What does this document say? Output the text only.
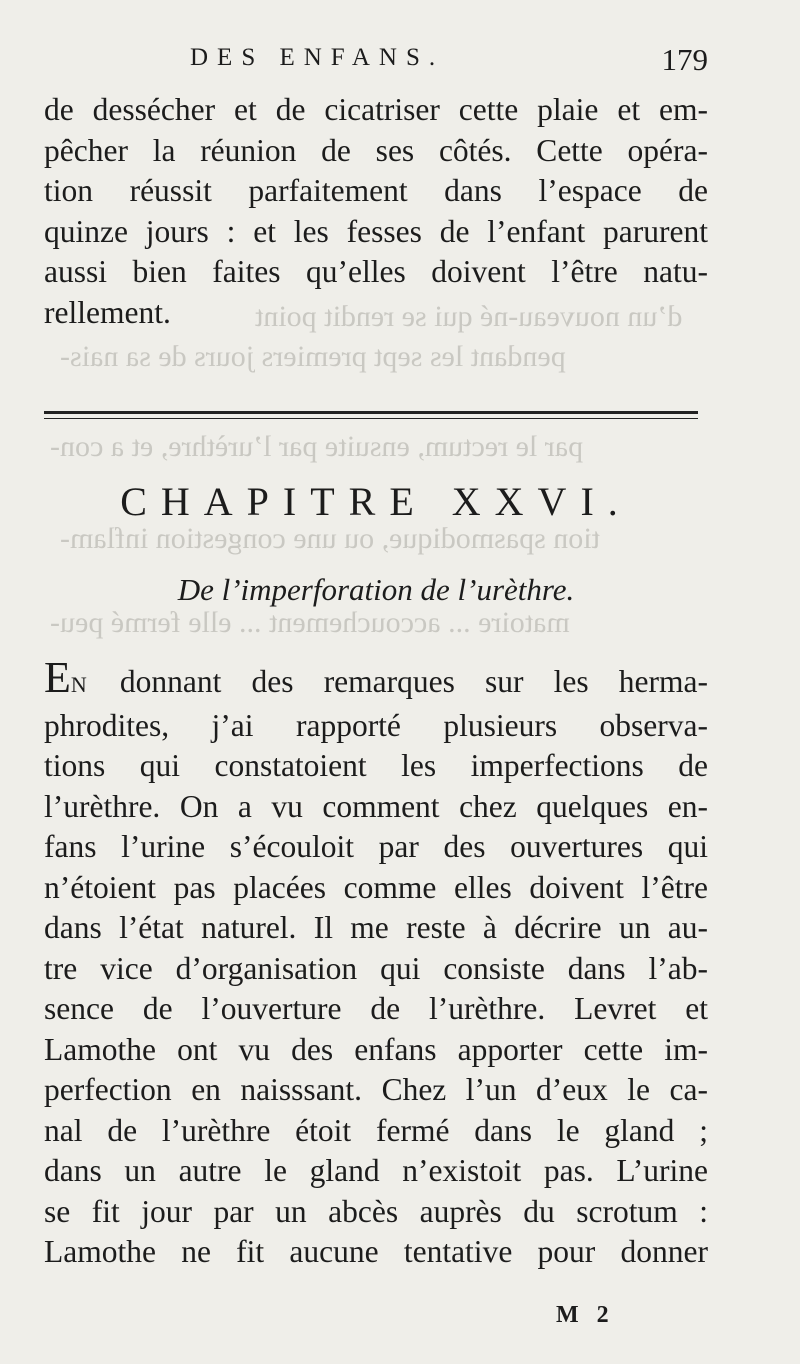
d’un nouveau-né qui se rendit point
pendant les sept premiers jours de sa nais-
par le rectum, ensuite par l’urèthre, et a con-
tion spasmodique, ou une congestion inflam-
matoire ... accouchement ... elle fermé peu-
DES ENFANS.	179
de dessécher et de cicatriser cette plaie et em-
pêcher la réunion de ses côtés. Cette opéra-
tion réussit parfaitement dans l’espace de
quinze jours : et les fesses de l’enfant parurent
aussi bien faites qu’elles doivent l’être natu-
rellement.
CHAPITRE XXVI.
De l’imperforation de l’urèthre.
EN donnant des remarques sur les herma-
phrodites, j’ai rapporté plusieurs observa-
tions qui constatoient les imperfections de
l’urèthre. On a vu comment chez quelques en-
fans l’urine s’écouloit par des ouvertures qui
n’étoient pas placées comme elles doivent l’être
dans l’état naturel. Il me reste à décrire un au-
tre vice d’organisation qui consiste dans l’ab-
sence de l’ouverture de l’urèthre. Levret et
Lamothe ont vu des enfans apporter cette im-
perfection en naisssant. Chez l’un d’eux le ca-
nal de l’urèthre étoit fermé dans le gland ;
dans un autre le gland n’existoit pas. L’urine
se fit jour par un abcès auprès du scrotum :
Lamothe ne fit aucune tentative pour donner
M 2
